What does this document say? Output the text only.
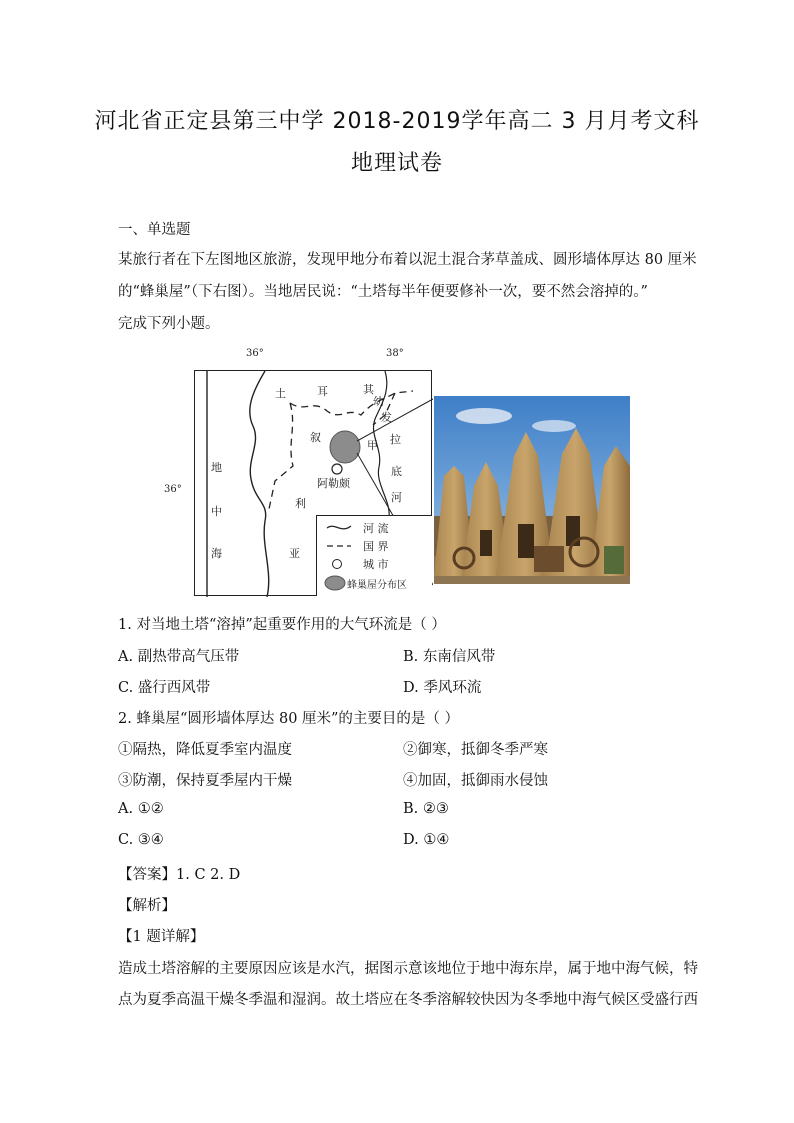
河北省正定县第三中学 2018-2019学年高二 3 月月考文科
地理试卷
一、单选题
某旅行者在下左图地区旅游，发现甲地分布着以泥土混合茅草盖成、圆形墙体厚达 80 厘米
的“蜂巢屋”（下右图）。当地居民说：“土塔每半年便要修补一次，要不然会溶掉的。”
完成下列小题。
36°	38°
36°
土	耳	其
幼
发
拉
底
河
叙
甲
阿勒颇
利
亚
地
中
海
河 流
国 界
城 市
蜂巢屋分布区
1. 对当地土塔“溶掉”起重要作用的大气环流是（ ）
A. 副热带高气压带	B. 东南信风带
C. 盛行西风带	D. 季风环流
2. 蜂巢屋“圆形墙体厚达 80 厘米”的主要目的是（ ）
①隔热，降低夏季室内温度	②御寒，抵御冬季严寒
③防潮，保持夏季屋内干燥	④加固，抵御雨水侵蚀
A. ①②	B. ②③
C. ③④	D. ①④
【答案】1. C 2. D
【解析】
【1 题详解】
造成土塔溶解的主要原因应该是水汽，据图示意该地位于地中海东岸，属于地中海气候，特
点为夏季高温干燥冬季温和湿润。故土塔应在冬季溶解较快因为冬季地中海气候区受盛行西
